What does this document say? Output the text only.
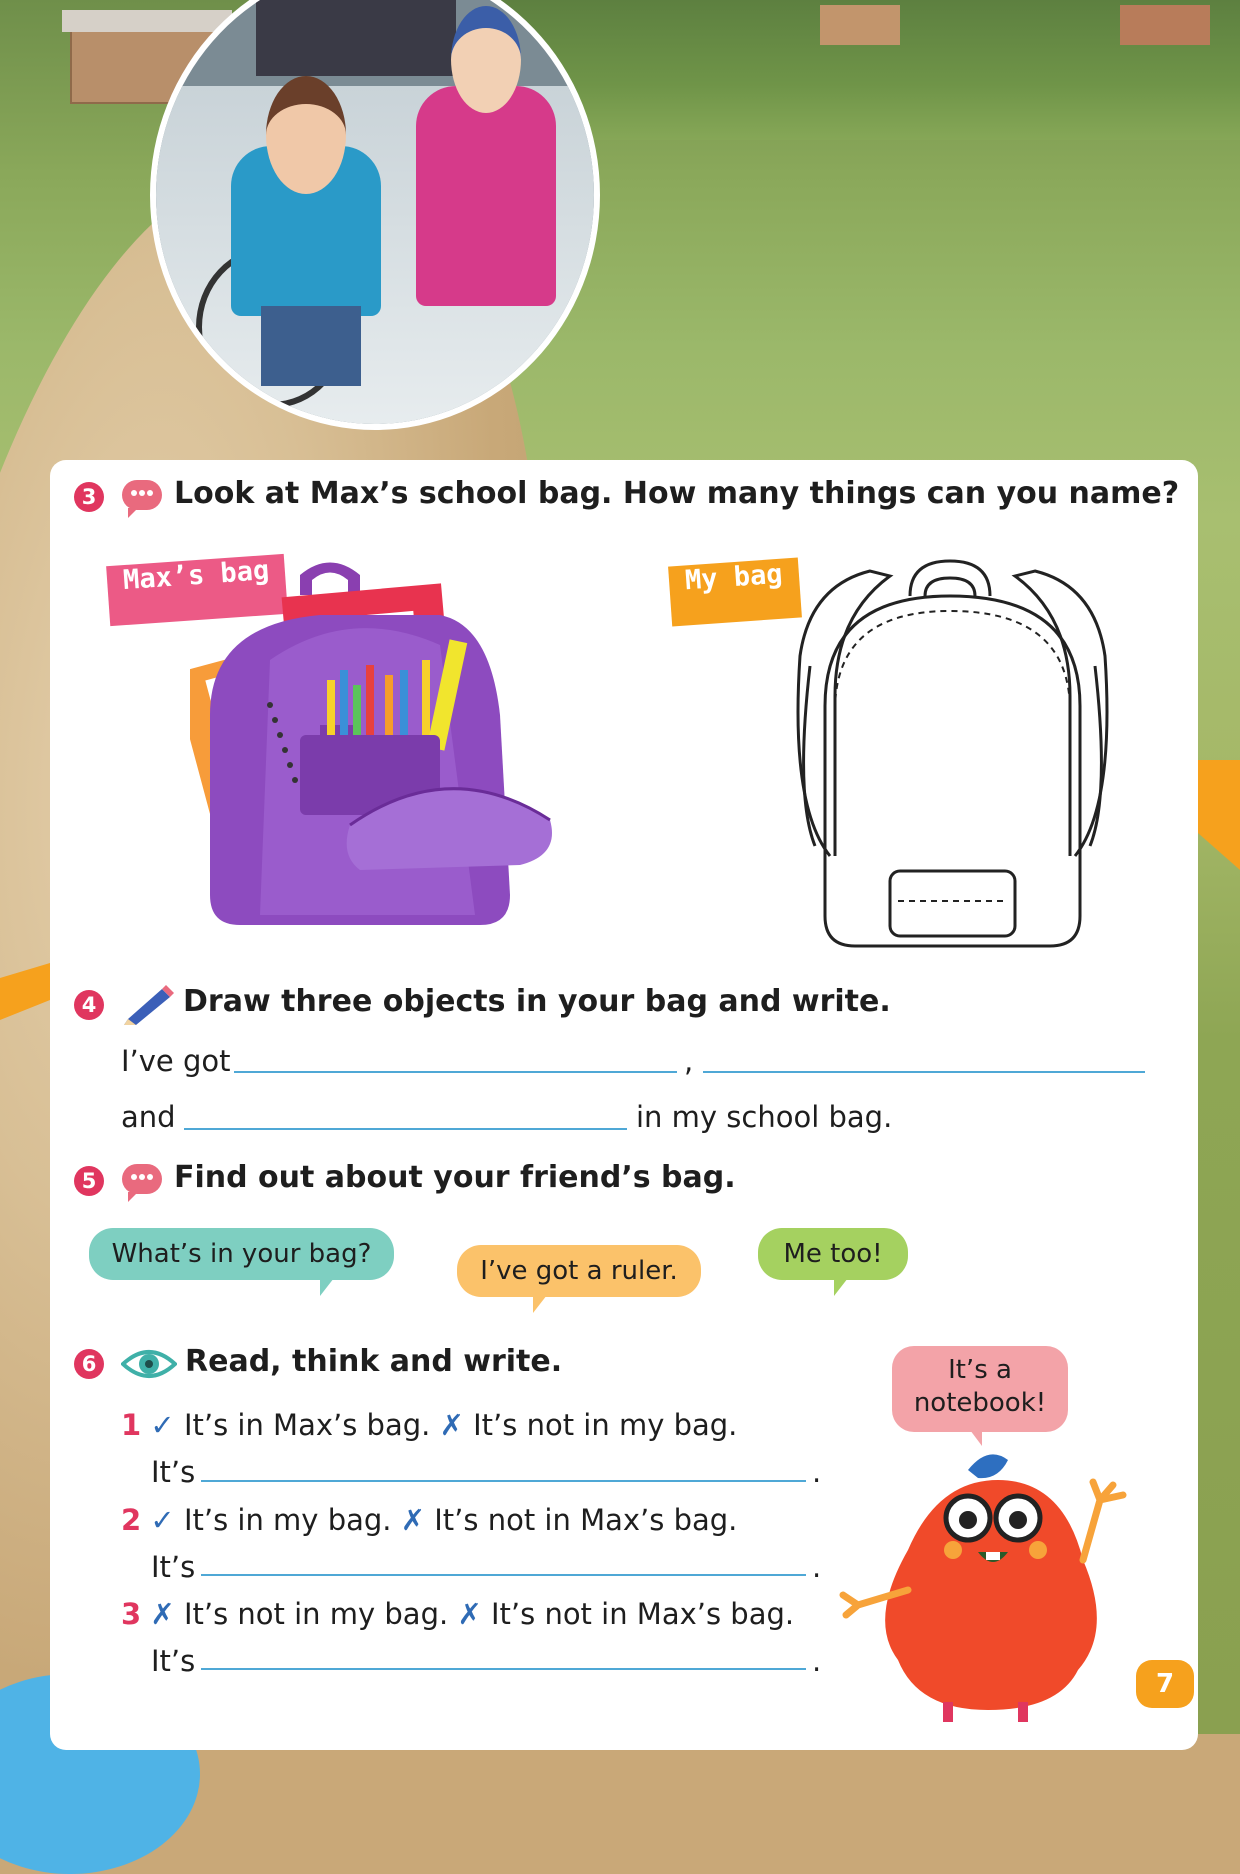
3	Look at Max’s school bag. How many things can you name?
Max’s bag	My bag
4	Draw three objects in your bag and write.
I’ve got	,
and	in my school bag.
5	Find out about your friend’s bag.
What’s in your bag?
I’ve got a ruler.
Me too!
6	Read, think and write.
1 ✓ It’s in Max’s bag. ✗ It’s not in my bag.
It’s	.
2 ✓ It’s in my bag. ✗ It’s not in Max’s bag.
It’s	.
3 ✗ It’s not in my bag. ✗ It’s not in Max’s bag.
It’s	.
It’s a
notebook!
7
